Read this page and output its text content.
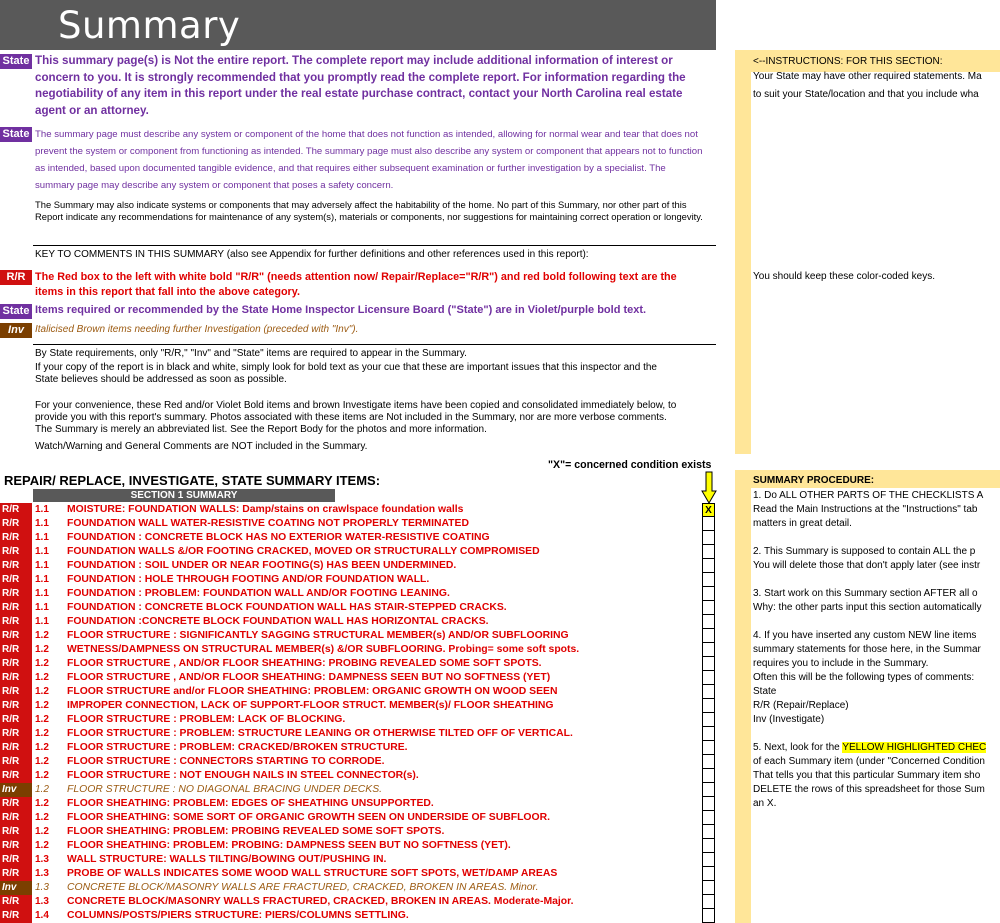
Summary
State This summary page(s) is Not the entire report. The complete report may include additional information of interest or concern to you. It is strongly recommended that you promptly read the complete report. For information regarding the negotiability of any item in this report under the real estate purchase contract, contact your North Carolina real estate agent or an attorney.
State The summary page must describe any system or component of the home that does not function as intended, allowing for normal wear and tear that does not prevent the system or component from functioning as intended. The summary page must also describe any system or component that appears not to function as intended, based upon documented tangible evidence, and that requires either subsequent examination or further investigation by a specialist. The summary page may describe any system or component that poses a safety concern.
The Summary may also indicate systems or components that may adversely affect the habitability of the home. No part of this Summary, nor other part of this Report indicate any recommendations for maintenance of any system(s), materials or components, nor suggestions for maintaining correct operation or longevity.
KEY TO COMMENTS IN THIS SUMMARY (also see Appendix for further definitions and other references used in this report):
R/R The Red box to the left with white bold "R/R" (needs attention now/ Repair/Replace="R/R") and red bold following text are the items in this report that fall into the above category.
State Items required or recommended by the State Home Inspector Licensure Board ("State") are in Violet/purple bold text.
Inv	Italicised Brown items needing further Investigation (preceded with "Inv").
By State requirements, only "R/R," "Inv" and "State" items are required to appear in the Summary.
If your copy of the report is in black and white, simply look for bold text as your cue that these are important issues that this inspector and the State believes should be addressed as soon as possible.
For your convenience, these Red and/or Violet Bold items and brown Investigate items have been copied and consolidated immediately below, to provide you with this report's summary. Photos associated with these items are Not included in the Summary, nor are more verbose comments. The Summary is merely an abbreviated list. See the Report Body for the photos and more information.
Watch/Warning and General Comments are NOT included in the Summary.
<--INSTRUCTIONS: FOR THIS SECTION:
Your State may have other required statements. Ma
to suit your State/location and that you include wha
You should keep these color-coded keys.
SUMMARY PROCEDURE:
1. Do ALL OTHER PARTS OF THE CHECKLISTS A
Read the Main Instructions at the "Instructions" tab
matters in great detail.
2. This Summary is supposed to contain ALL the p
You will delete those that don't apply later (see instr
3. Start work on this Summary section AFTER all o
Why: the other parts input this section automatically
4. If you have inserted any custom NEW line items
summary statements for those here, in the Summar
requires you to include in the Summary.
Often this will be the following types of comments:
State
R/R (Repair/Replace)
Inv (Investigate)
5. Next, look for the YELLOW HIGHLIGHTED CHEC
of each Summary item (under "Concerned Condition
That tells you that this particular Summary item sho
DELETE the rows of this spreadsheet for those Sum
an X.
"X"= concerned condition exists
REPAIR/ REPLACE, INVESTIGATE, STATE SUMMARY ITEMS:
SECTION 1 SUMMARY
R/R	1.1 MOISTURE: FOUNDATION WALLS: Damp/stains on crawlspace foundation walls	X
R/R	1.1 FOUNDATION WALL WATER-RESISTIVE COATING NOT PROPERLY TERMINATED
R/R	1.1 FOUNDATION : CONCRETE BLOCK HAS NO EXTERIOR WATER-RESISTIVE COATING
R/R	1.1 FOUNDATION WALLS &/OR FOOTING CRACKED, MOVED OR STRUCTURALLY COMPROMISED
R/R	1.1 FOUNDATION : SOIL UNDER OR NEAR FOOTING(S) HAS BEEN UNDERMINED.
R/R	1.1 FOUNDATION : HOLE THROUGH FOOTING AND/OR FOUNDATION WALL.
R/R	1.1 FOUNDATION : PROBLEM: FOUNDATION WALL AND/OR FOOTING LEANING.
R/R	1.1 FOUNDATION : CONCRETE BLOCK FOUNDATION WALL HAS STAIR-STEPPED CRACKS.
R/R	1.1 FOUNDATION :CONCRETE BLOCK FOUNDATION WALL HAS HORIZONTAL CRACKS.
R/R	1.2 FLOOR STRUCTURE : SIGNIFICANTLY SAGGING STRUCTURAL MEMBER(s) AND/OR SUBFLOORING
R/R	1.2 WETNESS/DAMPNESS ON STRUCTURAL MEMBER(s) &/OR SUBFLOORING. Probing= some soft spots.
R/R	1.2 FLOOR STRUCTURE , AND/OR FLOOR SHEATHING: PROBING REVEALED SOME SOFT SPOTS.
R/R	1.2 FLOOR STRUCTURE , AND/OR FLOOR SHEATHING: DAMPNESS SEEN BUT NO SOFTNESS (YET)
R/R	1.2 FLOOR STRUCTURE and/or FLOOR SHEATHING: PROBLEM: ORGANIC GROWTH ON WOOD SEEN
R/R	1.2 IMPROPER CONNECTION, LACK OF SUPPORT-FLOOR STRUCT. MEMBER(s)/ FLOOR SHEATHING
R/R	1.2 FLOOR STRUCTURE : PROBLEM: LACK OF BLOCKING.
R/R	1.2 FLOOR STRUCTURE : PROBLEM: STRUCTURE LEANING OR OTHERWISE TILTED OFF OF VERTICAL.
R/R	1.2 FLOOR STRUCTURE : PROBLEM: CRACKED/BROKEN STRUCTURE.
R/R	1.2 FLOOR STRUCTURE : CONNECTORS STARTING TO CORRODE.
R/R	1.2 FLOOR STRUCTURE : NOT ENOUGH NAILS IN STEEL CONNECTOR(s).
Inv	1.2 FLOOR STRUCTURE : NO DIAGONAL BRACING UNDER DECKS.
R/R	1.2 FLOOR SHEATHING: PROBLEM: EDGES OF SHEATHING UNSUPPORTED.
R/R	1.2 FLOOR SHEATHING: SOME SORT OF ORGANIC GROWTH SEEN ON UNDERSIDE OF SUBFLOOR.
R/R	1.2 FLOOR SHEATHING: PROBLEM: PROBING REVEALED SOME SOFT SPOTS.
R/R	1.2 FLOOR SHEATHING: PROBLEM: PROBING: DAMPNESS SEEN BUT NO SOFTNESS (YET).
R/R	1.3 WALL STRUCTURE: WALLS TILTING/BOWING OUT/PUSHING IN.
R/R	1.3 PROBE OF WALLS INDICATES SOME WOOD WALL STRUCTURE SOFT SPOTS, WET/DAMP AREAS
Inv	1.3 CONCRETE BLOCK/MASONRY WALLS ARE FRACTURED, CRACKED, BROKEN IN AREAS. Minor.
R/R	1.3 CONCRETE BLOCK/MASONRY WALLS FRACTURED, CRACKED, BROKEN IN AREAS. Moderate-Major.
R/R	1.4 COLUMNS/POSTS/PIERS STRUCTURE: PIERS/COLUMNS SETTLING.
